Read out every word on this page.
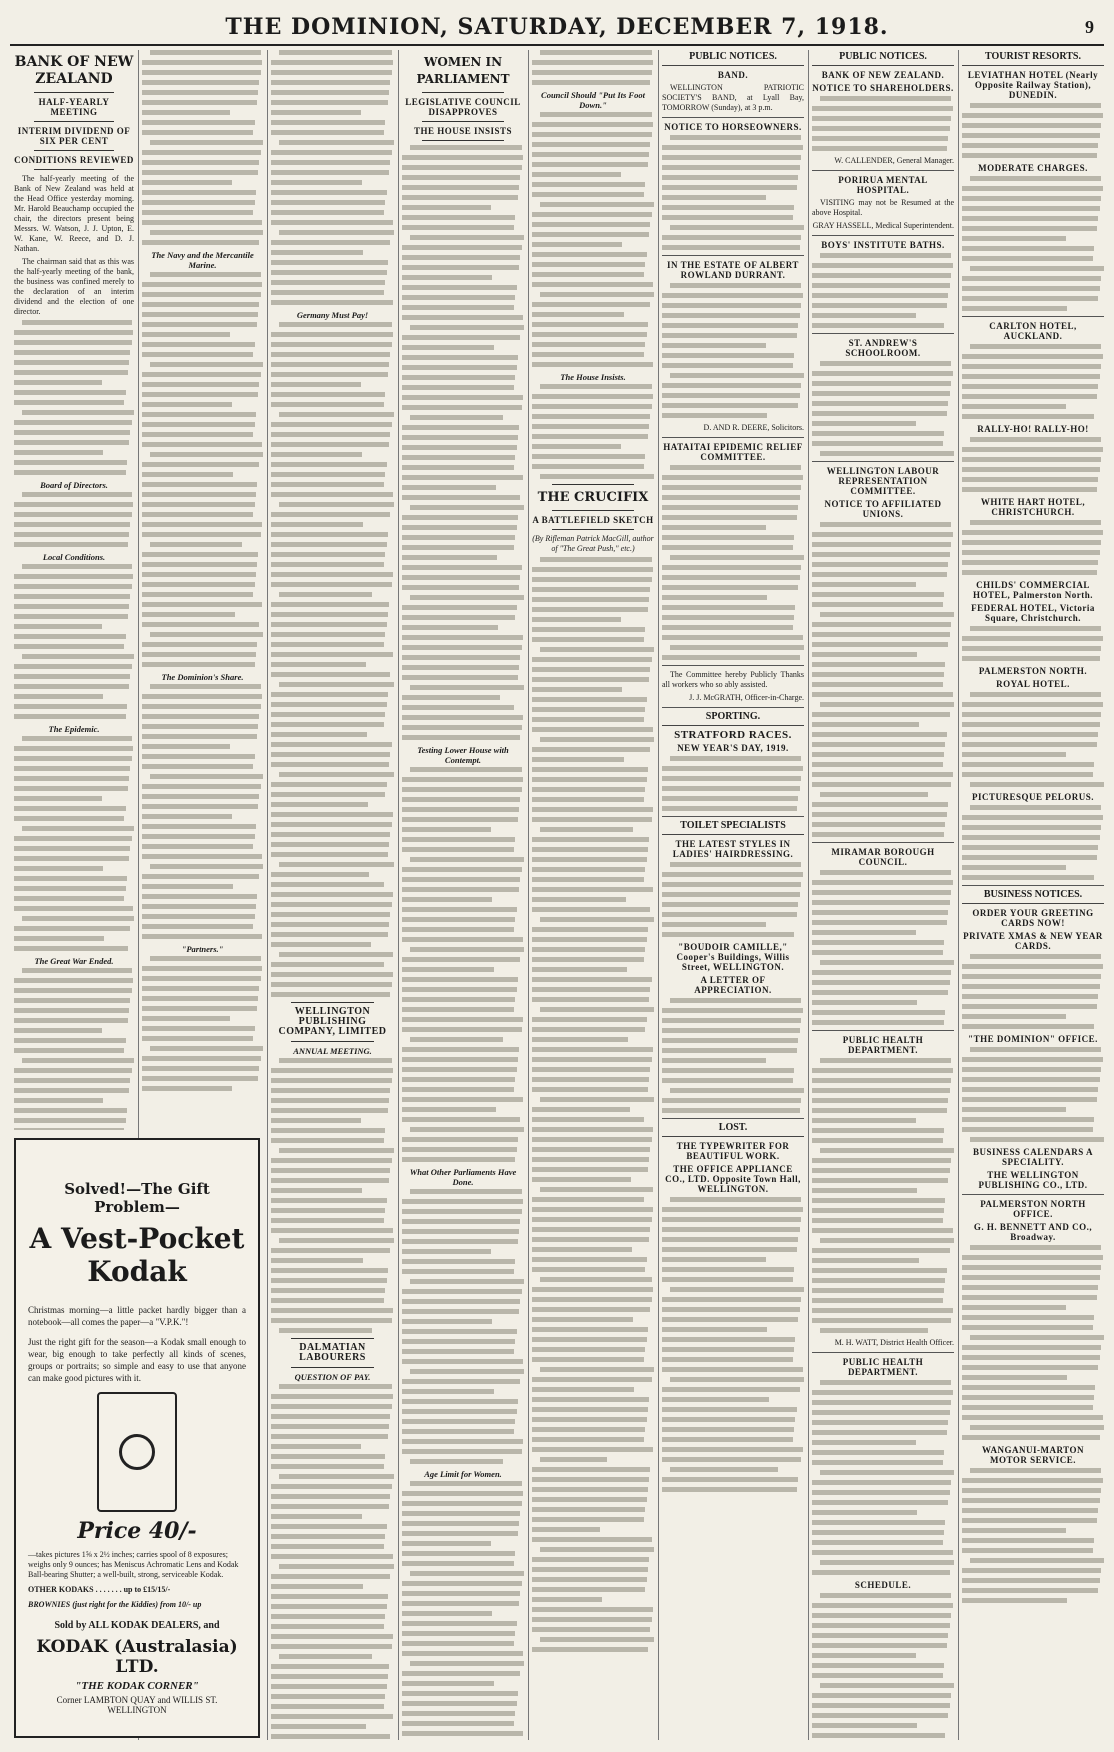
THE DOMINION, SATURDAY, DECEMBER 7, 1918.	9
BANK OF NEW ZEALAND
HALF-YEARLY MEETING
INTERIM DIVIDEND OF SIX PER CENT
CONDITIONS REVIEWED

The half-yearly meeting of the Bank of New Zealand was held at the Head Office yesterday morning. Mr. Harold Beauchamp occupied the chair, the directors present being Messrs. W. Watson, J. J. Upton, E. W. Kane, W. Reece, and D. J. Nathan.

The chairman said that as this was the half-yearly meeting of the bank, the business was confined merely to the declaration of an interim dividend and the election of one director.

Board of Directors.
Local Conditions.
The Epidemic.
The Great War Ended.
The Navy and the Mercantile Marine.
The Dominion's Share.
"Partners."
Solved!—The Gift Problem—
A Vest-Pocket Kodak
Christmas morning—a little packet hardly bigger than a notebook—all comes the paper—a "V.P.K."!
Just the right gift for the season—a Kodak small enough to wear, big enough to take perfectly all kinds of scenes, groups or portraits; so simple and easy to use that anyone can make good pictures with it.
Price 40/-
—takes pictures 1⅝ x 2½ inches; carries spool of 8 exposures; weighs only 9 ounces; has Meniscus Achromatic Lens and Kodak Ball-bearing Shutter; a well-built, strong, serviceable Kodak.
OTHER KODAKS . . . . . . . up to £15/15/-
BROWNIES (just right for the Kiddies) from 10/- up
Sold by ALL KODAK DEALERS, and
KODAK (Australasia) LTD.
"THE KODAK CORNER"
Corner LAMBTON QUAY and WILLIS ST. WELLINGTON
Germany Must Pay!
WELLINGTON PUBLISHING COMPANY, LIMITED
ANNUAL MEETING.
DALMATIAN LABOURERS
QUESTION OF PAY.
WOMEN IN PARLIAMENT
LEGISLATIVE COUNCIL DISAPPROVES
THE HOUSE INSISTS
Testing Lower House with Contempt.
What Other Parliaments Have Done.
Age Limit for Women.
Council Should "Put Its Foot Down."
The House Insists.
THE CRUCIFIX
A BATTLEFIELD SKETCH

(By Rifleman Patrick MacGill, author of "The Great Push," etc.)

PUBLIC NOTICES.
BAND.

WELLINGTON PATRIOTIC SOCIETY'S BAND, at Lyall Bay, TOMORROW (Sunday), at 3 p.m.

NOTICE TO HORSEOWNERS.
IN THE ESTATE OF ALBERT ROWLAND DURRANT.
D. AND R. DEERE, Solicitors.
HATAITAI EPIDEMIC RELIEF COMMITTEE.

The Committee hereby Publicly Thanks all workers who so ably assisted.

J. J. McGRATH, Officer-in-Charge.
SPORTING.
STRATFORD RACES.
NEW YEAR'S DAY, 1919.
TOILET SPECIALISTS
THE LATEST STYLES IN LADIES' HAIRDRESSING.
"BOUDOIR CAMILLE," Cooper's Buildings, Willis Street, WELLINGTON.
A LETTER OF APPRECIATION.
LOST.
THE TYPEWRITER FOR BEAUTIFUL WORK.
THE OFFICE APPLIANCE CO., LTD. Opposite Town Hall, WELLINGTON.
PUBLIC NOTICES.
BANK OF NEW ZEALAND.
NOTICE TO SHAREHOLDERS.
W. CALLENDER, General Manager.
PORIRUA MENTAL HOSPITAL.

VISITING may not be Resumed at the above Hospital.

GRAY HASSELL, Medical Superintendent.
BOYS' INSTITUTE BATHS.
ST. ANDREW'S SCHOOLROOM.
WELLINGTON LABOUR REPRESENTATION COMMITTEE.
NOTICE TO AFFILIATED UNIONS.
MIRAMAR BOROUGH COUNCIL.
PUBLIC HEALTH DEPARTMENT.
M. H. WATT, District Health Officer.
PUBLIC HEALTH DEPARTMENT.
SCHEDULE.
TOURIST RESORTS.
LEVIATHAN HOTEL (Nearly Opposite Railway Station), DUNEDIN.
MODERATE CHARGES.
CARLTON HOTEL, AUCKLAND.
RALLY-HO! RALLY-HO!
WHITE HART HOTEL, CHRISTCHURCH.
CHILDS' COMMERCIAL HOTEL, Palmerston North.
FEDERAL HOTEL, Victoria Square, Christchurch.
PALMERSTON NORTH.
ROYAL HOTEL.
PICTURESQUE PELORUS.
BUSINESS NOTICES.
ORDER YOUR GREETING CARDS NOW!
PRIVATE XMAS & NEW YEAR CARDS.
"THE DOMINION" OFFICE.
BUSINESS CALENDARS A SPECIALITY.
THE WELLINGTON PUBLISHING CO., LTD.
PALMERSTON NORTH OFFICE.
G. H. BENNETT AND CO., Broadway.
WANGANUI-MARTON MOTOR SERVICE.
